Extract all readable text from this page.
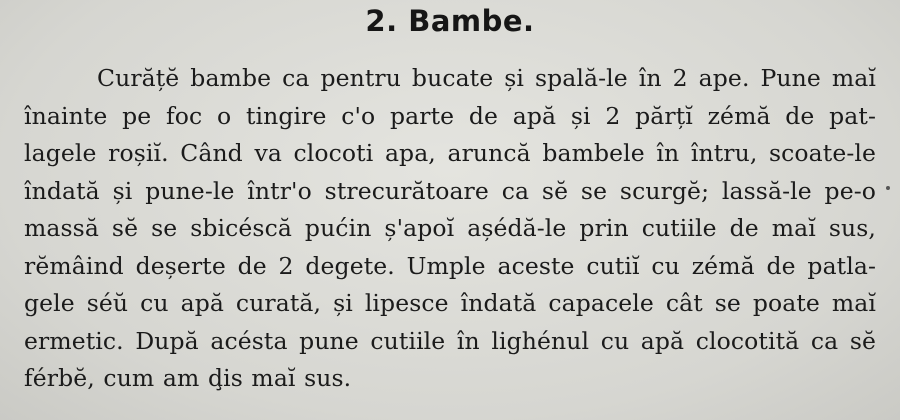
2. Bambe.
Curățĕ bambe ca pentru bucate și spală-le în 2 ape. Pune maĭ
înainte pe foc o tingire c'o parte de apă și 2 părțĭ zémă de pat-
lagele roșiĭ. Când va clocoti apa, aruncă bambele în întru, scoate-le
îndată și pune-le într'o strecurătoare ca sĕ se scurgĕ; lassă-le pe-o
massă sĕ se sbicéscă pućin ș'apoĭ așédă-le prin cutiile de maĭ sus,
rĕmâind deșerte de 2 degete. Umple aceste cutiĭ cu zémă de patla-
gele séŭ cu apă curată, și lipesce îndată capacele cât se poate maĭ
ermetic. După acésta pune cutiile în lighénul cu apă clocotită ca sĕ
férbĕ, cum am ḑis maĭ sus.
